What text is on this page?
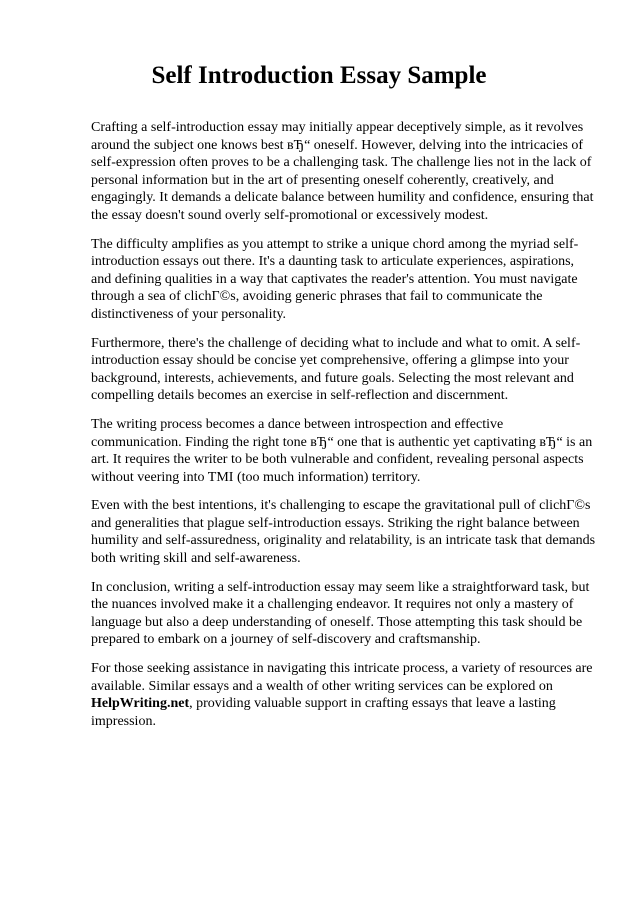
Self Introduction Essay Sample

Crafting a self-introduction essay may initially appear deceptively simple, as it revolves around the subject one knows best вЂ“ oneself. However, delving into the intricacies of self-expression often proves to be a challenging task. The challenge lies not in the lack of personal information but in the art of presenting oneself coherently, creatively, and engagingly. It demands a delicate balance between humility and confidence, ensuring that the essay doesn't sound overly self-promotional or excessively modest.

The difficulty amplifies as you attempt to strike a unique chord among the myriad self-introduction essays out there. It's a daunting task to articulate experiences, aspirations, and defining qualities in a way that captivates the reader's attention. You must navigate through a sea of clichГ©s, avoiding generic phrases that fail to communicate the distinctiveness of your personality.

Furthermore, there's the challenge of deciding what to include and what to omit. A self-introduction essay should be concise yet comprehensive, offering a glimpse into your background, interests, achievements, and future goals. Selecting the most relevant and compelling details becomes an exercise in self-reflection and discernment.

The writing process becomes a dance between introspection and effective communication. Finding the right tone вЂ“ one that is authentic yet captivating вЂ“ is an art. It requires the writer to be both vulnerable and confident, revealing personal aspects without veering into TMI (too much information) territory.

Even with the best intentions, it's challenging to escape the gravitational pull of clichГ©s and generalities that plague self-introduction essays. Striking the right balance between humility and self-assuredness, originality and relatability, is an intricate task that demands both writing skill and self-awareness.

In conclusion, writing a self-introduction essay may seem like a straightforward task, but the nuances involved make it a challenging endeavor. It requires not only a mastery of language but also a deep understanding of oneself. Those attempting this task should be prepared to embark on a journey of self-discovery and craftsmanship.

For those seeking assistance in navigating this intricate process, a variety of resources are available. Similar essays and a wealth of other writing services can be explored on HelpWriting.net, providing valuable support in crafting essays that leave a lasting impression.
